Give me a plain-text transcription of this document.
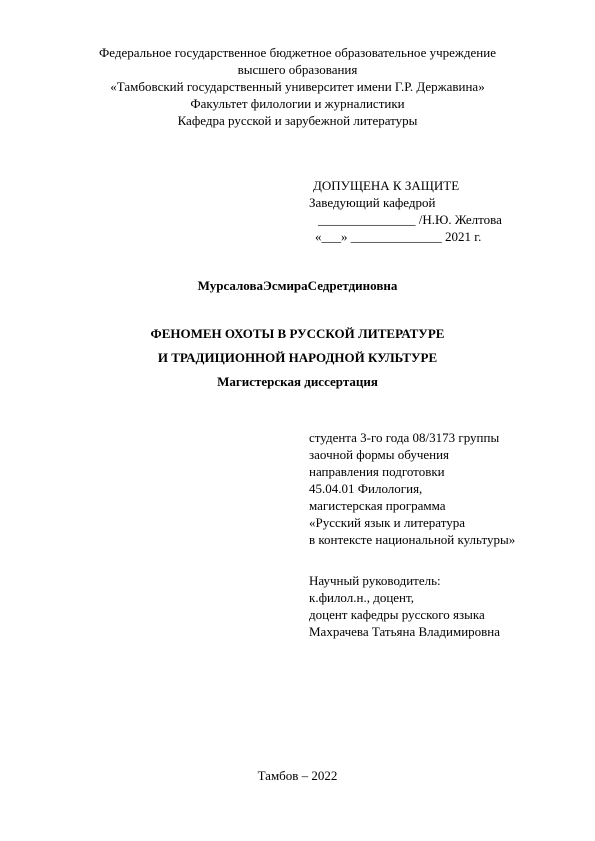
Федеральное государственное бюджетное образовательное учреждение
высшего образования
«Тамбовский государственный университет имени Г.Р. Державина»
Факультет филологии и журналистики
Кафедра русской и зарубежной литературы
ДОПУЩЕНА К ЗАЩИТЕ
Заведующий кафедрой
_______________ /Н.Ю. Желтова
«___» ______________ 2021 г.
МурсаловаЭсмираСедретдиновна
ФЕНОМЕН ОХОТЫ В РУССКОЙ ЛИТЕРАТУРЕ
И ТРАДИЦИОННОЙ НАРОДНОЙ КУЛЬТУРЕ
Магистерская диссертация
студента 3-го года 08/3173 группы
заочной формы обучения
направления подготовки
45.04.01 Филология,
магистерская программа
«Русский язык и литература
в контексте национальной культуры»
Научный руководитель:
к.филол.н., доцент,
доцент кафедры русского языка
Махрачева Татьяна Владимировна
Тамбов – 2022
